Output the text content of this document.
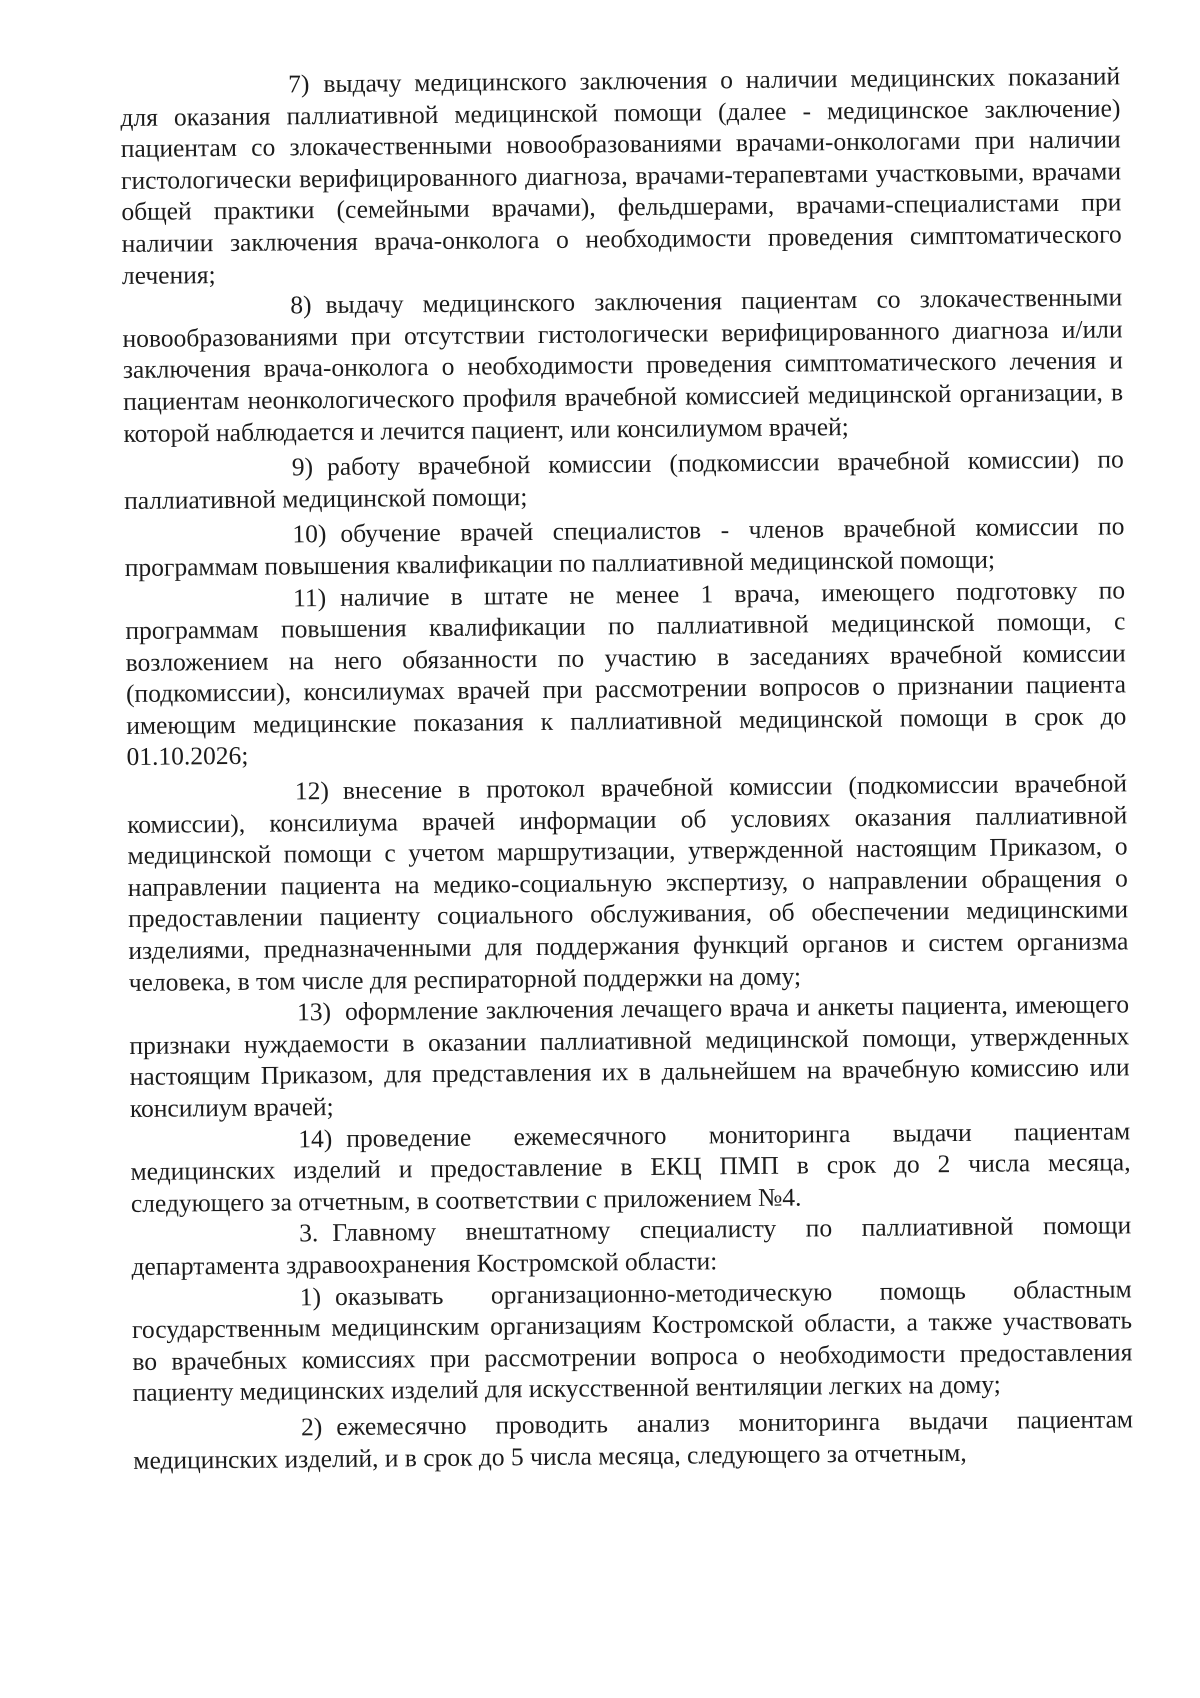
7) выдачу медицинского заключения о наличии медицинских показаний для оказания паллиативной медицинской помощи (далее - медицинское заключение) пациентам со злокачественными новообразованиями врачами-онкологами при наличии гистологически верифицированного диагноза, врачами-терапевтами участковыми, врачами общей практики (семейными врачами), фельдшерами, врачами-специалистами при наличии заключения врача-онколога о необходимости проведения симптоматического лечения;

8) выдачу медицинского заключения пациентам со злокачественными новообразованиями при отсутствии гистологически верифицированного диагноза и/или заключения врача-онколога о необходимости проведения симптоматического лечения и пациентам неонкологического профиля врачебной комиссией медицинской организации, в которой наблюдается и лечится пациент, или консилиумом врачей;

9) работу врачебной комиссии (подкомиссии врачебной комиссии) по паллиативной медицинской помощи;

10) обучение врачей специалистов - членов врачебной комиссии по программам повышения квалификации по паллиативной медицинской помощи;

11) наличие в штате не менее 1 врача, имеющего подготовку по программам повышения квалификации по паллиативной медицинской помощи, с возложением на него обязанности по участию в заседаниях врачебной комиссии (подкомиссии), консилиумах врачей при рассмотрении вопросов о признании пациента имеющим медицинские показания к паллиативной медицинской помощи в срок до 01.10.2026;

12) внесение в протокол врачебной комиссии (подкомиссии врачебной комиссии), консилиума врачей информации об условиях оказания паллиативной медицинской помощи с учетом маршрутизации, утвержденной настоящим Приказом, о направлении пациента на медико-социальную экспертизу, о направлении обращения о предоставлении пациенту социального обслуживания, об обеспечении медицинскими изделиями, предназначенными для поддержания функций органов и систем организма человека, в том числе для респираторной поддержки на дому;

13) оформление заключения лечащего врача и анкеты пациента, имеющего признаки нуждаемости в оказании паллиативной медицинской помощи, утвержденных настоящим Приказом, для представления их в дальнейшем на врачебную комиссию или консилиум врачей;

14) проведение ежемесячного мониторинга выдачи пациентам медицинских изделий и предоставление в ЕКЦ ПМП в срок до 2 числа месяца, следующего за отчетным, в соответствии с приложением №4.

3. Главному внештатному специалисту по паллиативной помощи департамента здравоохранения Костромской области:

1) оказывать организационно-методическую помощь областным государственным медицинским организациям Костромской области, а также участвовать во врачебных комиссиях при рассмотрении вопроса о необходимости предоставления пациенту медицинских изделий для искусственной вентиляции легких на дому;

2) ежемесячно проводить анализ мониторинга выдачи пациентам медицинских изделий, и в срок до 5 числа месяца, следующего за отчетным,
